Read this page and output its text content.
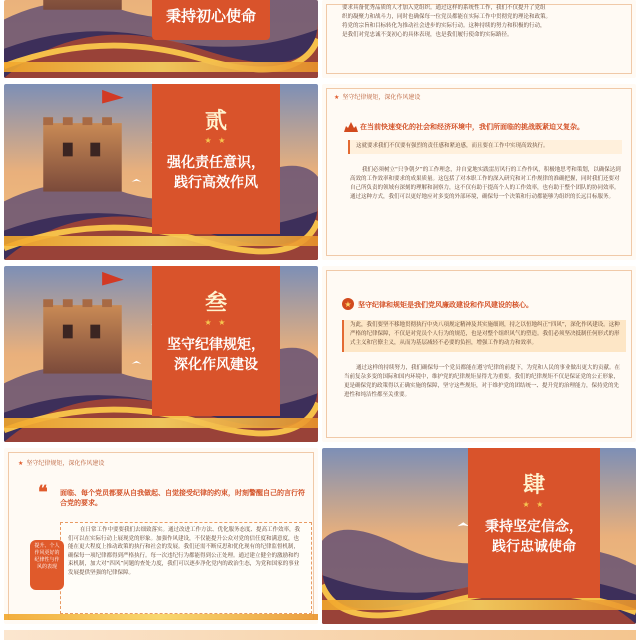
秉持初心使命	要求具备优秀品质的人才加入党组织。通过这样的系统性工作，我们不仅提升了党组
织的凝聚力和战斗力，同时也确保每一位党员都能在实际工作中贯彻党的理论和政策。
将党的宗旨和目标转化为推动社会进步的实际行动。这种持续的努力和积极的行动，
是我们对党忠诚不变初心的具体表现，也是我们履行使命的实际路径。
贰
★ ★
强化责任意识，
践行高效作风
★ 坚守纪律规矩，深化作风建设
在当前快速变化的社会和经济环境中，我们所面临的挑战既紧迫又复杂。
这就要求我们不仅要有强烈的责任感和紧迫感，而且要在工作中实现高效执行。
我们必须树立“只争朝夕”的工作理念，并自觉地实践雷厉风行的工作作风，积极地思考和策划，以确保达到高效的工作效率和要求的成果质量。这包括了对本职工作的深入研究和对工作规律的准确把握，同时我们还要对自己所负责的领域有深刻的理解和洞察力，这不仅有助于提高个人的工作效率，也有助于整个团队的协同效率。通过这种方式，我们可以更好地应对多变的外部环境，确保每一个决策和行动都能够为组织的长远目标服务。
叁
★ ★
坚守纪律规矩，
深化作风建设
★ 坚守纪律和规矩是我们党风廉政建设和作风建设的核心。
为此，我们要坚不移地贯彻执行中央八项规定精神及其实施细则，持之以恒地纠正“四风”，深化作风建设。这种严格的纪律保障，不仅是对党员个人行为的规范，也是对整个组织风气的塑造。我们必须坚决抵制任何形式的形式主义和官僚主义，从而为基层减轻不必要的负担，增强工作的动力和效率。
通过这样的持续努力，我们确保每一个党员都能在遵守纪律的前提下，为党和人民的事业做出更大的贡献。在当前复杂多变的国际和国内环境中，维护党的纪律规矩显得尤为重要。我们的纪律规矩不仅是保证党的公正形象，更是确保党的政策得以正确实施的保障，坚守这些规矩，对于维护党的团结统一、提升党的治理能力，保持党的先进性和纯洁性都至关重要。
★ 坚守纪律规矩，深化作风建设
❝ 面临、每个党员都要从自我做起、自觉接受纪律的约束，时刻警醒自己的言行符合党的要求。
提升、个人作风更好的纪律性与作风的表现
在日常工作中要要我们去细致落实。通过改进工作方法、优化服务态度、提高工作效率，我们可以在实际行动上展现党的形象。加强作风建设，不仅能提升公众对党的信任度和满意度，也能在更大程度上推动政策的执行和社会的发展。我们还需不断反思和优化现有的纪律监督机制，确保每一项纪律都得到严格执行。每一次违纪行为都能得到公正处理。通过建立健全的激励和约束机制，加大对“四风”问题的查处力度，我们可以逐步净化党内的政治生态，为党和国家的事业发展提供坚强的纪律保障。
肆
★ ★
秉持坚定信念，
践行忠诚使命
